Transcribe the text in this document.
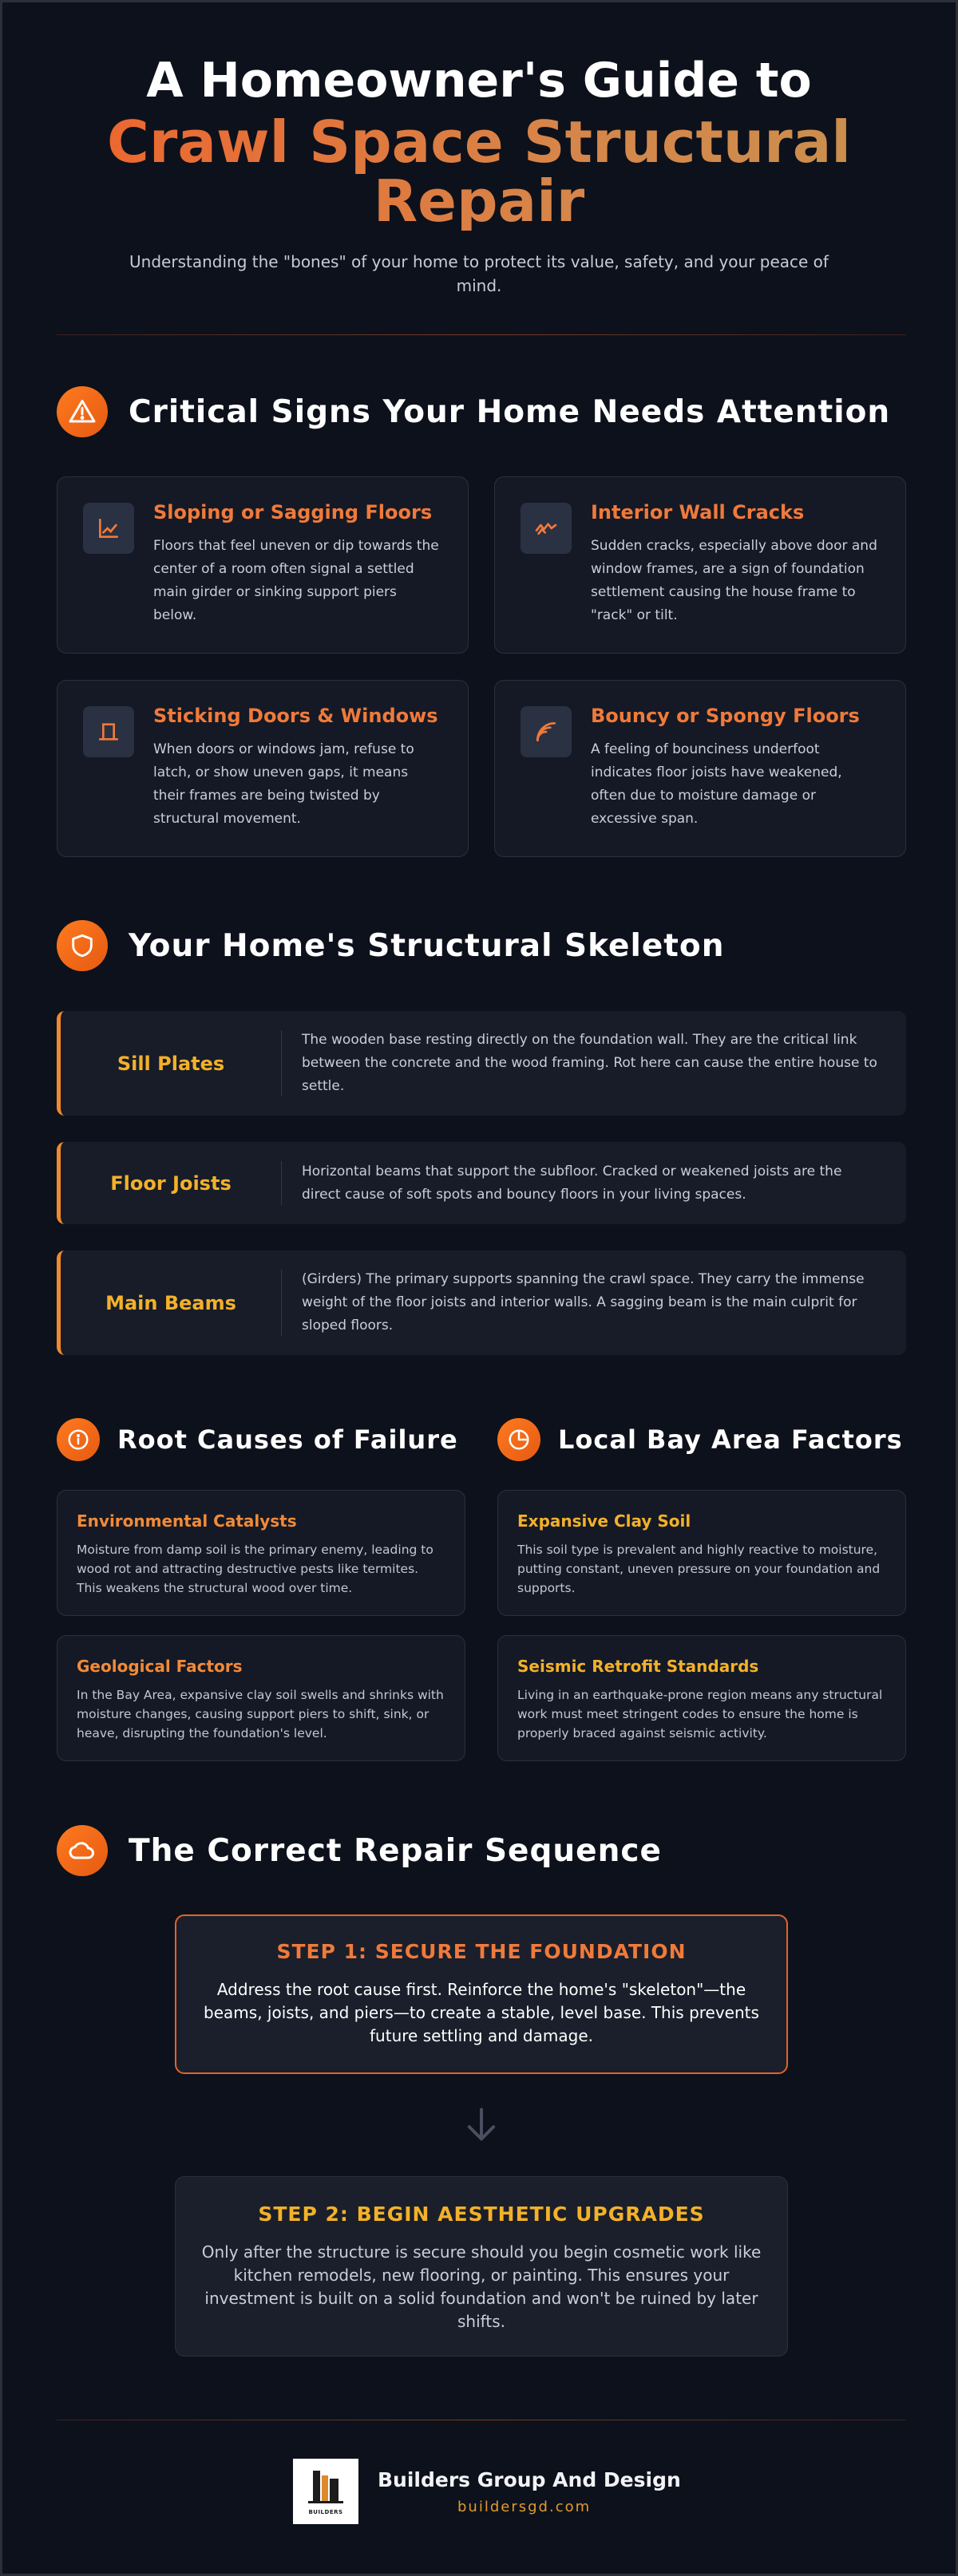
A Homeowner's Guide to
Crawl Space Structural Repair
Understanding the "bones" of your home to protect its value, safety, and your peace of mind.
Critical Signs Your Home Needs Attention
Sloping or Sagging Floors
Floors that feel uneven or dip towards the center of a room often signal a settled main girder or sinking support piers below.
Interior Wall Cracks
Sudden cracks, especially above door and window frames, are a sign of foundation settlement causing the house frame to "rack" or tilt.
Sticking Doors & Windows
When doors or windows jam, refuse to latch, or show uneven gaps, it means their frames are being twisted by structural movement.
Bouncy or Spongy Floors
A feeling of bounciness underfoot indicates floor joists have weakened, often due to moisture damage or excessive span.
Your Home's Structural Skeleton
Sill Plates
The wooden base resting directly on the foundation wall. They are the critical link between the concrete and the wood framing. Rot here can cause the entire house to settle.
Floor Joists
Horizontal beams that support the subfloor. Cracked or weakened joists are the direct cause of soft spots and bouncy floors in your living spaces.
Main Beams
(Girders) The primary supports spanning the crawl space. They carry the immense weight of the floor joists and interior walls. A sagging beam is the main culprit for sloped floors.
Root Causes of Failure
Environmental Catalysts
Moisture from damp soil is the primary enemy, leading to wood rot and attracting destructive pests like termites. This weakens the structural wood over time.
Geological Factors
In the Bay Area, expansive clay soil swells and shrinks with moisture changes, causing support piers to shift, sink, or heave, disrupting the foundation's level.
Local Bay Area Factors
Expansive Clay Soil
This soil type is prevalent and highly reactive to moisture, putting constant, uneven pressure on your foundation and supports.
Seismic Retrofit Standards
Living in an earthquake-prone region means any structural work must meet stringent codes to ensure the home is properly braced against seismic activity.
The Correct Repair Sequence
STEP 1: SECURE THE FOUNDATION
Address the root cause first. Reinforce the home's "skeleton"—the beams, joists, and piers—to create a stable, level base. This prevents future settling and damage.
STEP 2: BEGIN AESTHETIC UPGRADES
Only after the structure is secure should you begin cosmetic work like kitchen remodels, new flooring, or painting. This ensures your investment is built on a solid foundation and won't be ruined by later shifts.
BUILDERS
Builders Group And Design
buildersgd.com
